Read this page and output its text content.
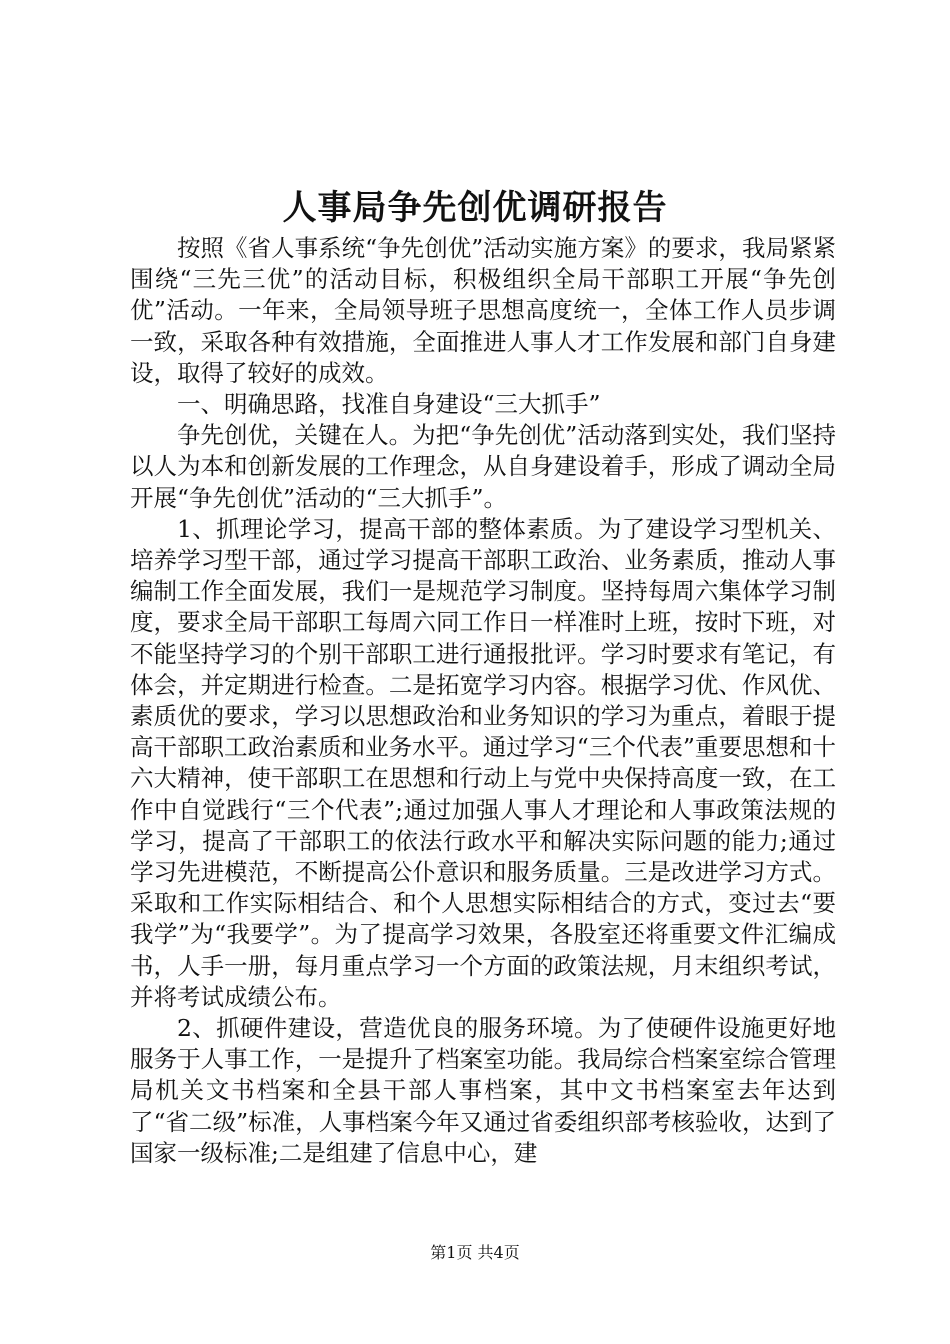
人事局争先创优调研报告

按照《省人事系统“争先创优”活动实施方案》的要求，我局紧紧围绕“三先三优”的活动目标，积极组织全局干部职工开展“争先创优”活动。一年来，全局领导班子思想高度统一，全体工作人员步调一致，采取各种有效措施，全面推进人事人才工作发展和部门自身建设，取得了较好的成效。

一、明确思路，找准自身建设“三大抓手”

争先创优，关键在人。为把“争先创优”活动落到实处，我们坚持以人为本和创新发展的工作理念，从自身建设着手，形成了调动全局开展“争先创优”活动的“三大抓手”。

1、抓理论学习，提高干部的整体素质。为了建设学习型机关、培养学习型干部，通过学习提高干部职工政治、业务素质，推动人事编制工作全面发展，我们一是规范学习制度。坚持每周六集体学习制度，要求全局干部职工每周六同工作日一样准时上班，按时下班，对不能坚持学习的个别干部职工进行通报批评。学习时要求有笔记，有体会，并定期进行检查。二是拓宽学习内容。根据学习优、作风优、素质优的要求，学习以思想政治和业务知识的学习为重点，着眼于提高干部职工政治素质和业务水平。通过学习“三个代表”重要思想和十六大精神，使干部职工在思想和行动上与党中央保持高度一致，在工作中自觉践行“三个代表”;通过加强人事人才理论和人事政策法规的学习，提高了干部职工的依法行政水平和解决实际问题的能力;通过学习先进模范，不断提高公仆意识和服务质量。三是改进学习方式。采取和工作实际相结合、和个人思想实际相结合的方式，变过去“要我学”为“我要学”。为了提高学习效果，各股室还将重要文件汇编成书，人手一册，每月重点学习一个方面的政策法规，月末组织考试，并将考试成绩公布。

2、抓硬件建设，营造优良的服务环境。为了使硬件设施更好地服务于人事工作，一是提升了档案室功能。我局综合档案室综合管理局机关文书档案和全县干部人事档案，其中文书档案室去年达到了“省二级”标准，人事档案今年又通过省委组织部考核验收，达到了国家一级标准;二是组建了信息中心，建

第1页 共4页
